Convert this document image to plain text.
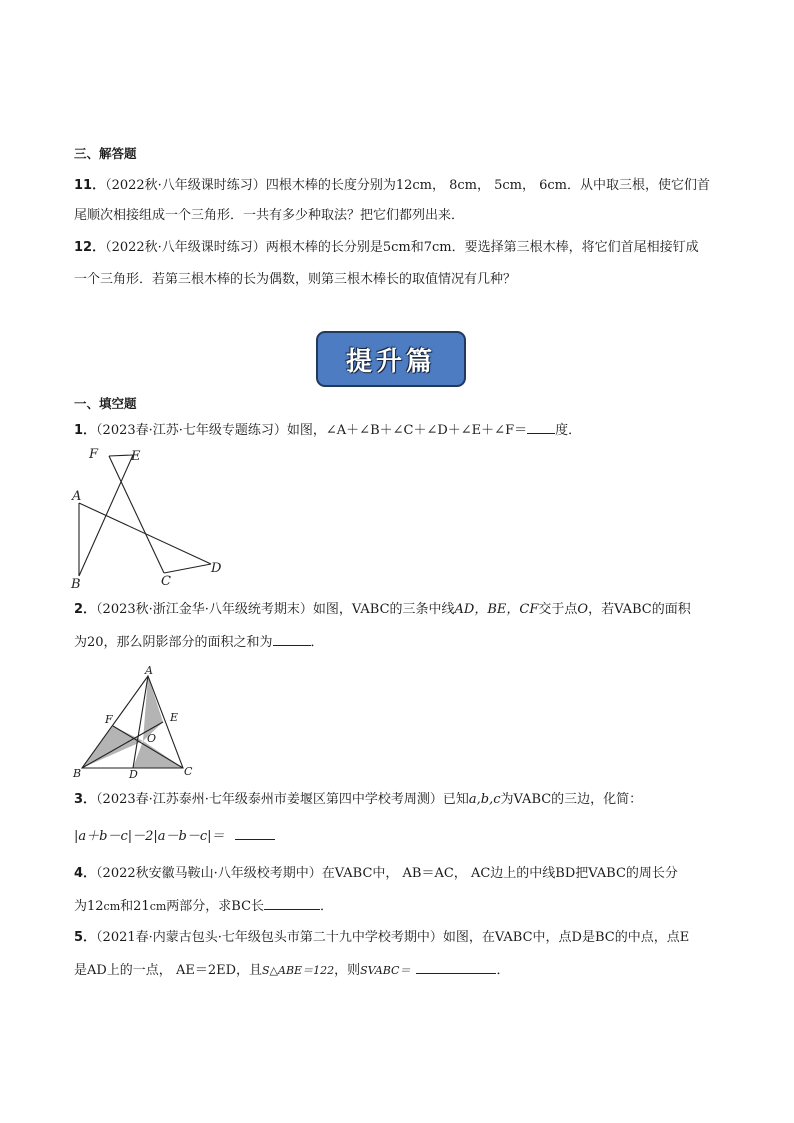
三、解答题
11．（2022秋·八年级课时练习）四根木棒的长度分别为12cm， 8cm， 5cm， 6cm．从中取三根，使它们首
尾顺次相接组成一个三角形．一共有多少种取法？把它们都列出来．
12．（2022秋·八年级课时练习）两根木棒的长分别是5cm和7cm．要选择第三根木棒，将它们首尾相接钉成
一个三角形．若第三根木棒的长为偶数，则第三根木棒长的取值情况有几种？
提升篇
一、填空题
1．（2023春·江苏·七年级专题练习）如图，∠A＋∠B＋∠C＋∠D＋∠E＋∠F＝ 度．
F	E
A
B	C
D
2．（2023秋·浙江金华·八年级统考期末）如图，VABC的三条中线AD，BE，CF交于点O，若VABC的面积
为20，那么阴影部分的面积之和为	．
A
B	C
D
E
F
O
3．（2023春·江苏泰州·七年级泰州市姜堰区第四中学校考周测）已知a,b,c为VABC的三边，化简：
|a＋b－c|－2|a－b－c|＝
4．（2022秋安徽马鞍山·八年级校考期中）在VABC中， AB＝AC， AC边上的中线BD把VABC的周长分
为12cm和21cm两部分，求BC长	．
5．（2021春·内蒙古包头·七年级包头市第二十九中学校考期中）如图，在VABC中，点D是BC的中点，点E
是AD上的一点， AE＝2ED，且S△ABE＝122，则SVABC＝	．
